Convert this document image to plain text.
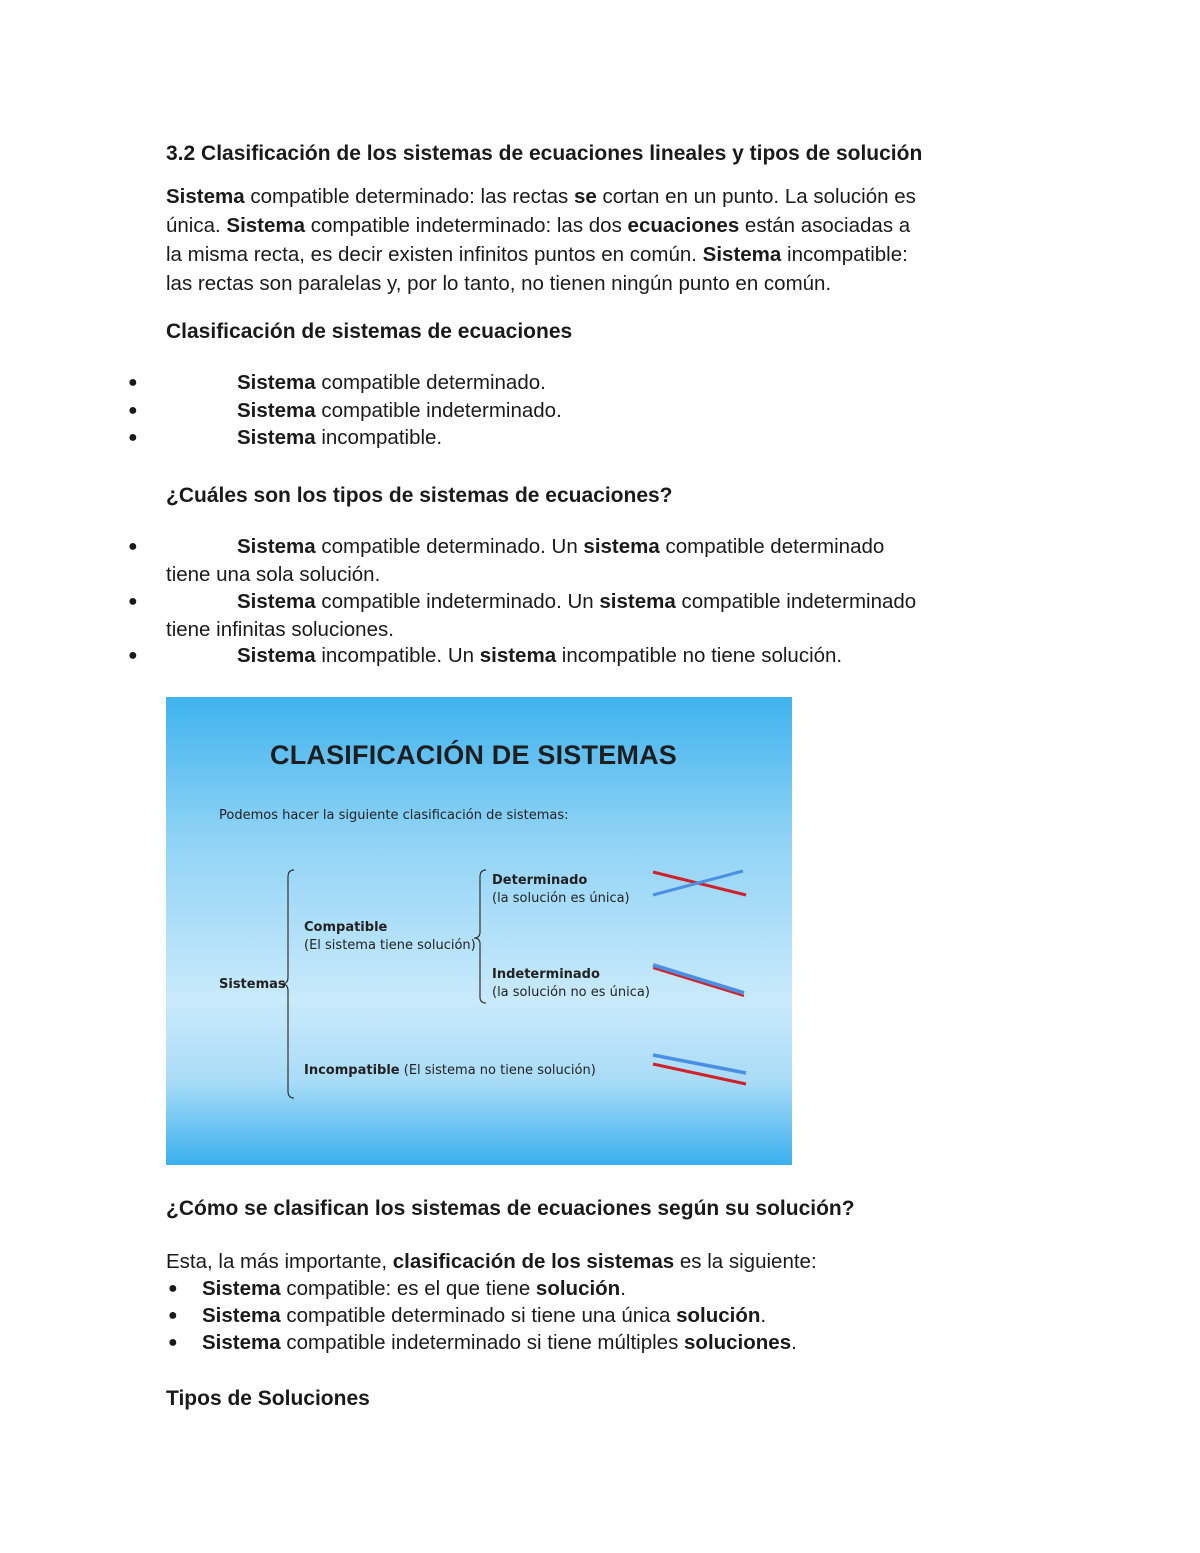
3.2 Clasificación de los sistemas de ecuaciones lineales y tipos de solución
Sistema compatible determinado: las rectas se cortan en un punto. La solución es
única. Sistema compatible indeterminado: las dos ecuaciones están asociadas a
la misma recta, es decir existen infinitos puntos en común. Sistema incompatible:
las rectas son paralelas y, por lo tanto, no tienen ningún punto en común.
Clasificación de sistemas de ecuaciones
●	Sistema compatible determinado.
●	Sistema compatible indeterminado.
●	Sistema incompatible.
¿Cuáles son los tipos de sistemas de ecuaciones?
●	Sistema compatible determinado. Un sistema compatible determinado
tiene una sola solución.
●	Sistema compatible indeterminado. Un sistema compatible indeterminado
tiene infinitas soluciones.
●	Sistema incompatible. Un sistema incompatible no tiene solución.
CLASIFICACIÓN DE SISTEMAS
Podemos hacer la siguiente clasificación de sistemas:
Sistemas
Compatible
(El sistema tiene solución)
Determinado
(la solución es única)
Indeterminado
(la solución no es única)
Incompatible (El sistema no tiene solución)
¿Cómo se clasifican los sistemas de ecuaciones según su solución?
Esta, la más importante, clasificación de los sistemas es la siguiente:
● Sistema compatible: es el que tiene solución.
● Sistema compatible determinado si tiene una única solución.
● Sistema compatible indeterminado si tiene múltiples soluciones.
Tipos de Soluciones
